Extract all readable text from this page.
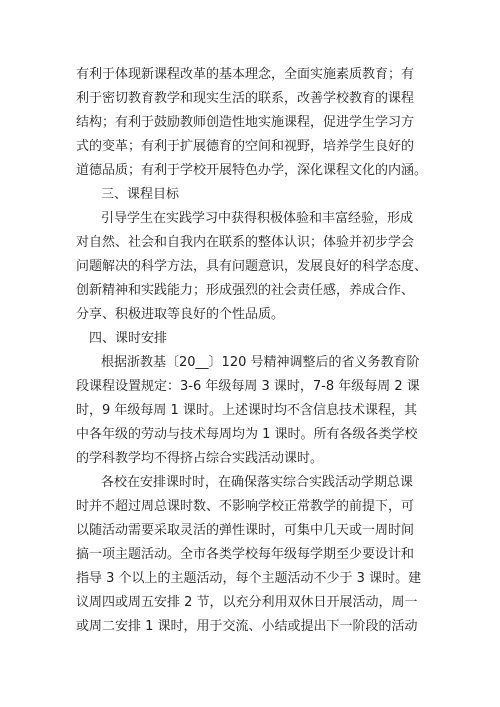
有利于体现新课程改革的基本理念，全面实施素质教育；有
利于密切教育教学和现实生活的联系，改善学校教育的课程
结构；有利于鼓励教师创造性地实施课程，促进学生学习方
式的变革；有利于扩展德育的空间和视野，培养学生良好的
道德品质；有利于学校开展特色办学，深化课程文化的内涵。
三、课程目标
引导学生在实践学习中获得积极体验和丰富经验，形成
对自然、社会和自我内在联系的整体认识；体验并初步学会
问题解决的科学方法，具有问题意识，发展良好的科学态度、
创新精神和实践能力；形成强烈的社会责任感，养成合作、
分享、积极进取等良好的个性品质。
四、课时安排
根据浙教基〔20__〕120 号精神调整后的省义务教育阶
段课程设置规定：3-6 年级每周 3 课时，7-8 年级每周 2 课
时，9 年级每周 1 课时。上述课时均不含信息技术课程，其
中各年级的劳动与技术每周均为 1 课时。所有各级各类学校
的学科教学均不得挤占综合实践活动课时。
各校在安排课时时，在确保落实综合实践活动学期总课
时并不超过周总课时数、不影响学校正常教学的前提下，可
以随活动需要采取灵活的弹性课时，可集中几天或一周时间
搞一项主题活动。全市各类学校每年级每学期至少要设计和
指导 3 个以上的主题活动，每个主题活动不少于 3 课时。建
议周四或周五安排 2 节，以充分利用双休日开展活动，周一
或周二安排 1 课时，用于交流、小结或提出下一阶段的活动
